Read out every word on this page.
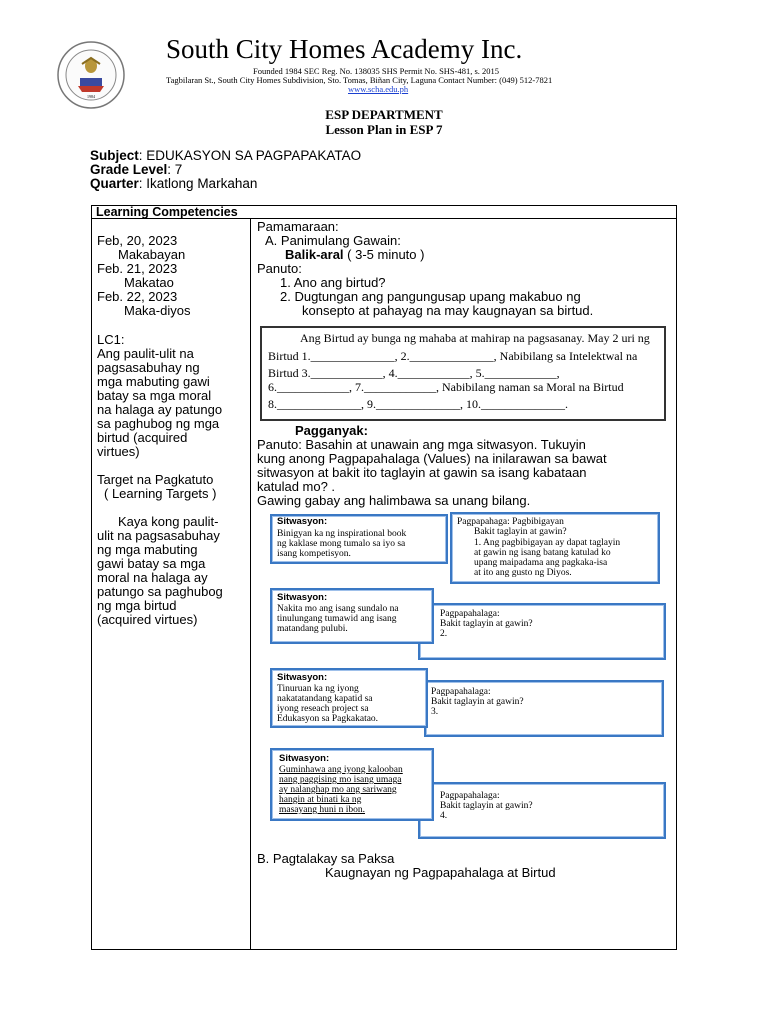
1984
South City Homes Academy Inc.
Founded 1984 SEC Reg. No. 138035 SHS Permit No. SHS-481, s. 2015
Tagbilaran St., South City Homes Subdivision, Sto. Tomas, Biñan City, Laguna Contact Number: (049) 512-7821
www.scha.edu.ph
ESP DEPARTMENT
Lesson Plan in ESP 7
Subject: EDUKASYON SA PAGPAPAKATAO
Grade Level: 7
Quarter: Ikatlong Markahan
Learning Competencies
Feb, 20, 2023
Makabayan
Feb. 21, 2023
Makatao
Feb. 22, 2023
Maka-diyos
LC1:
Ang paulit-ulit na
pagsasabuhay ng
mga mabuting gawi
batay sa mga moral
na halaga ay patungo
sa paghubog ng mga
birtud (acquired
virtues)
Target na Pagkatuto
( Learning Targets )
Kaya kong paulit-
ulit na pagsasabuhay
ng mga mabuting
gawi batay sa mga
moral na halaga ay
patungo sa paghubog
ng mga birtud
(acquired virtues)
Pamamaraan:
A. Panimulang Gawain:
Balik-aral ( 3-5 minuto )
Panuto:
1. Ano ang birtud?
2. Dugtungan ang pangungusap upang makabuo ng
konsepto at pahayag na may kaugnayan sa birtud.
Ang Birtud ay bunga ng mahaba at mahirap na pagsasanay. May 2 uri ng
Birtud 1.______________, 2.______________, Nabibilang sa Intelektwal na
Birtud 3.____________, 4.____________, 5.____________,
6.____________, 7.____________, Nabibilang naman sa Moral na Birtud
8.______________, 9.______________, 10.______________.
Pagganyak:
Panuto: Basahin at unawain ang mga sitwasyon. Tukuyin
kung anong Pagpapahalaga (Values) na inilarawan sa bawat
sitwasyon at bakit ito taglayin at gawin sa isang kabataan
katulad mo? .
Gawing gabay ang halimbawa sa unang bilang.
Sitwasyon:
Binigyan ka ng inspirational book
ng kaklase mong tumalo sa iyo sa
isang kompetisyon.
Pagpapahaga: Pagbibigayan
Bakit taglayin at gawin?
1. Ang pagbibigayan ay dapat taglayin
at gawin ng isang batang katulad ko
upang maipadama ang pagkaka-isa
at ito ang gusto ng Diyos.
Sitwasyon:
Nakita mo ang isang sundalo na
tinulungang tumawid ang isang
matandang pulubi.
Pagpapahalaga:
Bakit taglayin at gawin?
2.
Sitwasyon:
Tinuruan ka ng iyong
nakatatandang kapatid sa
iyong reseach project sa
Edukasyon sa Pagkakatao.
Pagpapahalaga:
Bakit taglayin at gawin?
3.
Sitwasyon:
Guminhawa ang iyong kalooban
nang paggising mo isang umaga
ay nalanghap mo ang sariwang
hangin at binati ka ng
masayang huni n ibon.
Pagpapahalaga:
Bakit taglayin at gawin?
4.
B. Pagtalakay sa Paksa
Kaugnayan ng Pagpapahalaga at Birtud
